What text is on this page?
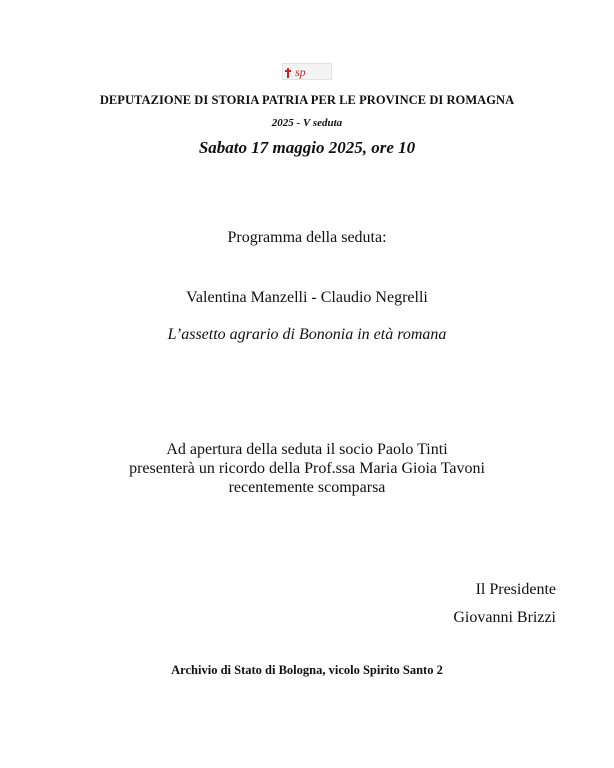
sp
DEPUTAZIONE DI STORIA PATRIA PER LE PROVINCE DI ROMAGNA
2025 - V seduta
Sabato 17 maggio 2025, ore 10
Programma della seduta:
Valentina Manzelli - Claudio Negrelli
L’assetto agrario di Bononia in età romana
Ad apertura della seduta il socio Paolo Tinti
presenterà un ricordo della Prof.ssa Maria Gioia Tavoni
recentemente scomparsa
Il Presidente
Giovanni Brizzi
Archivio di Stato di Bologna, vicolo Spirito Santo 2
